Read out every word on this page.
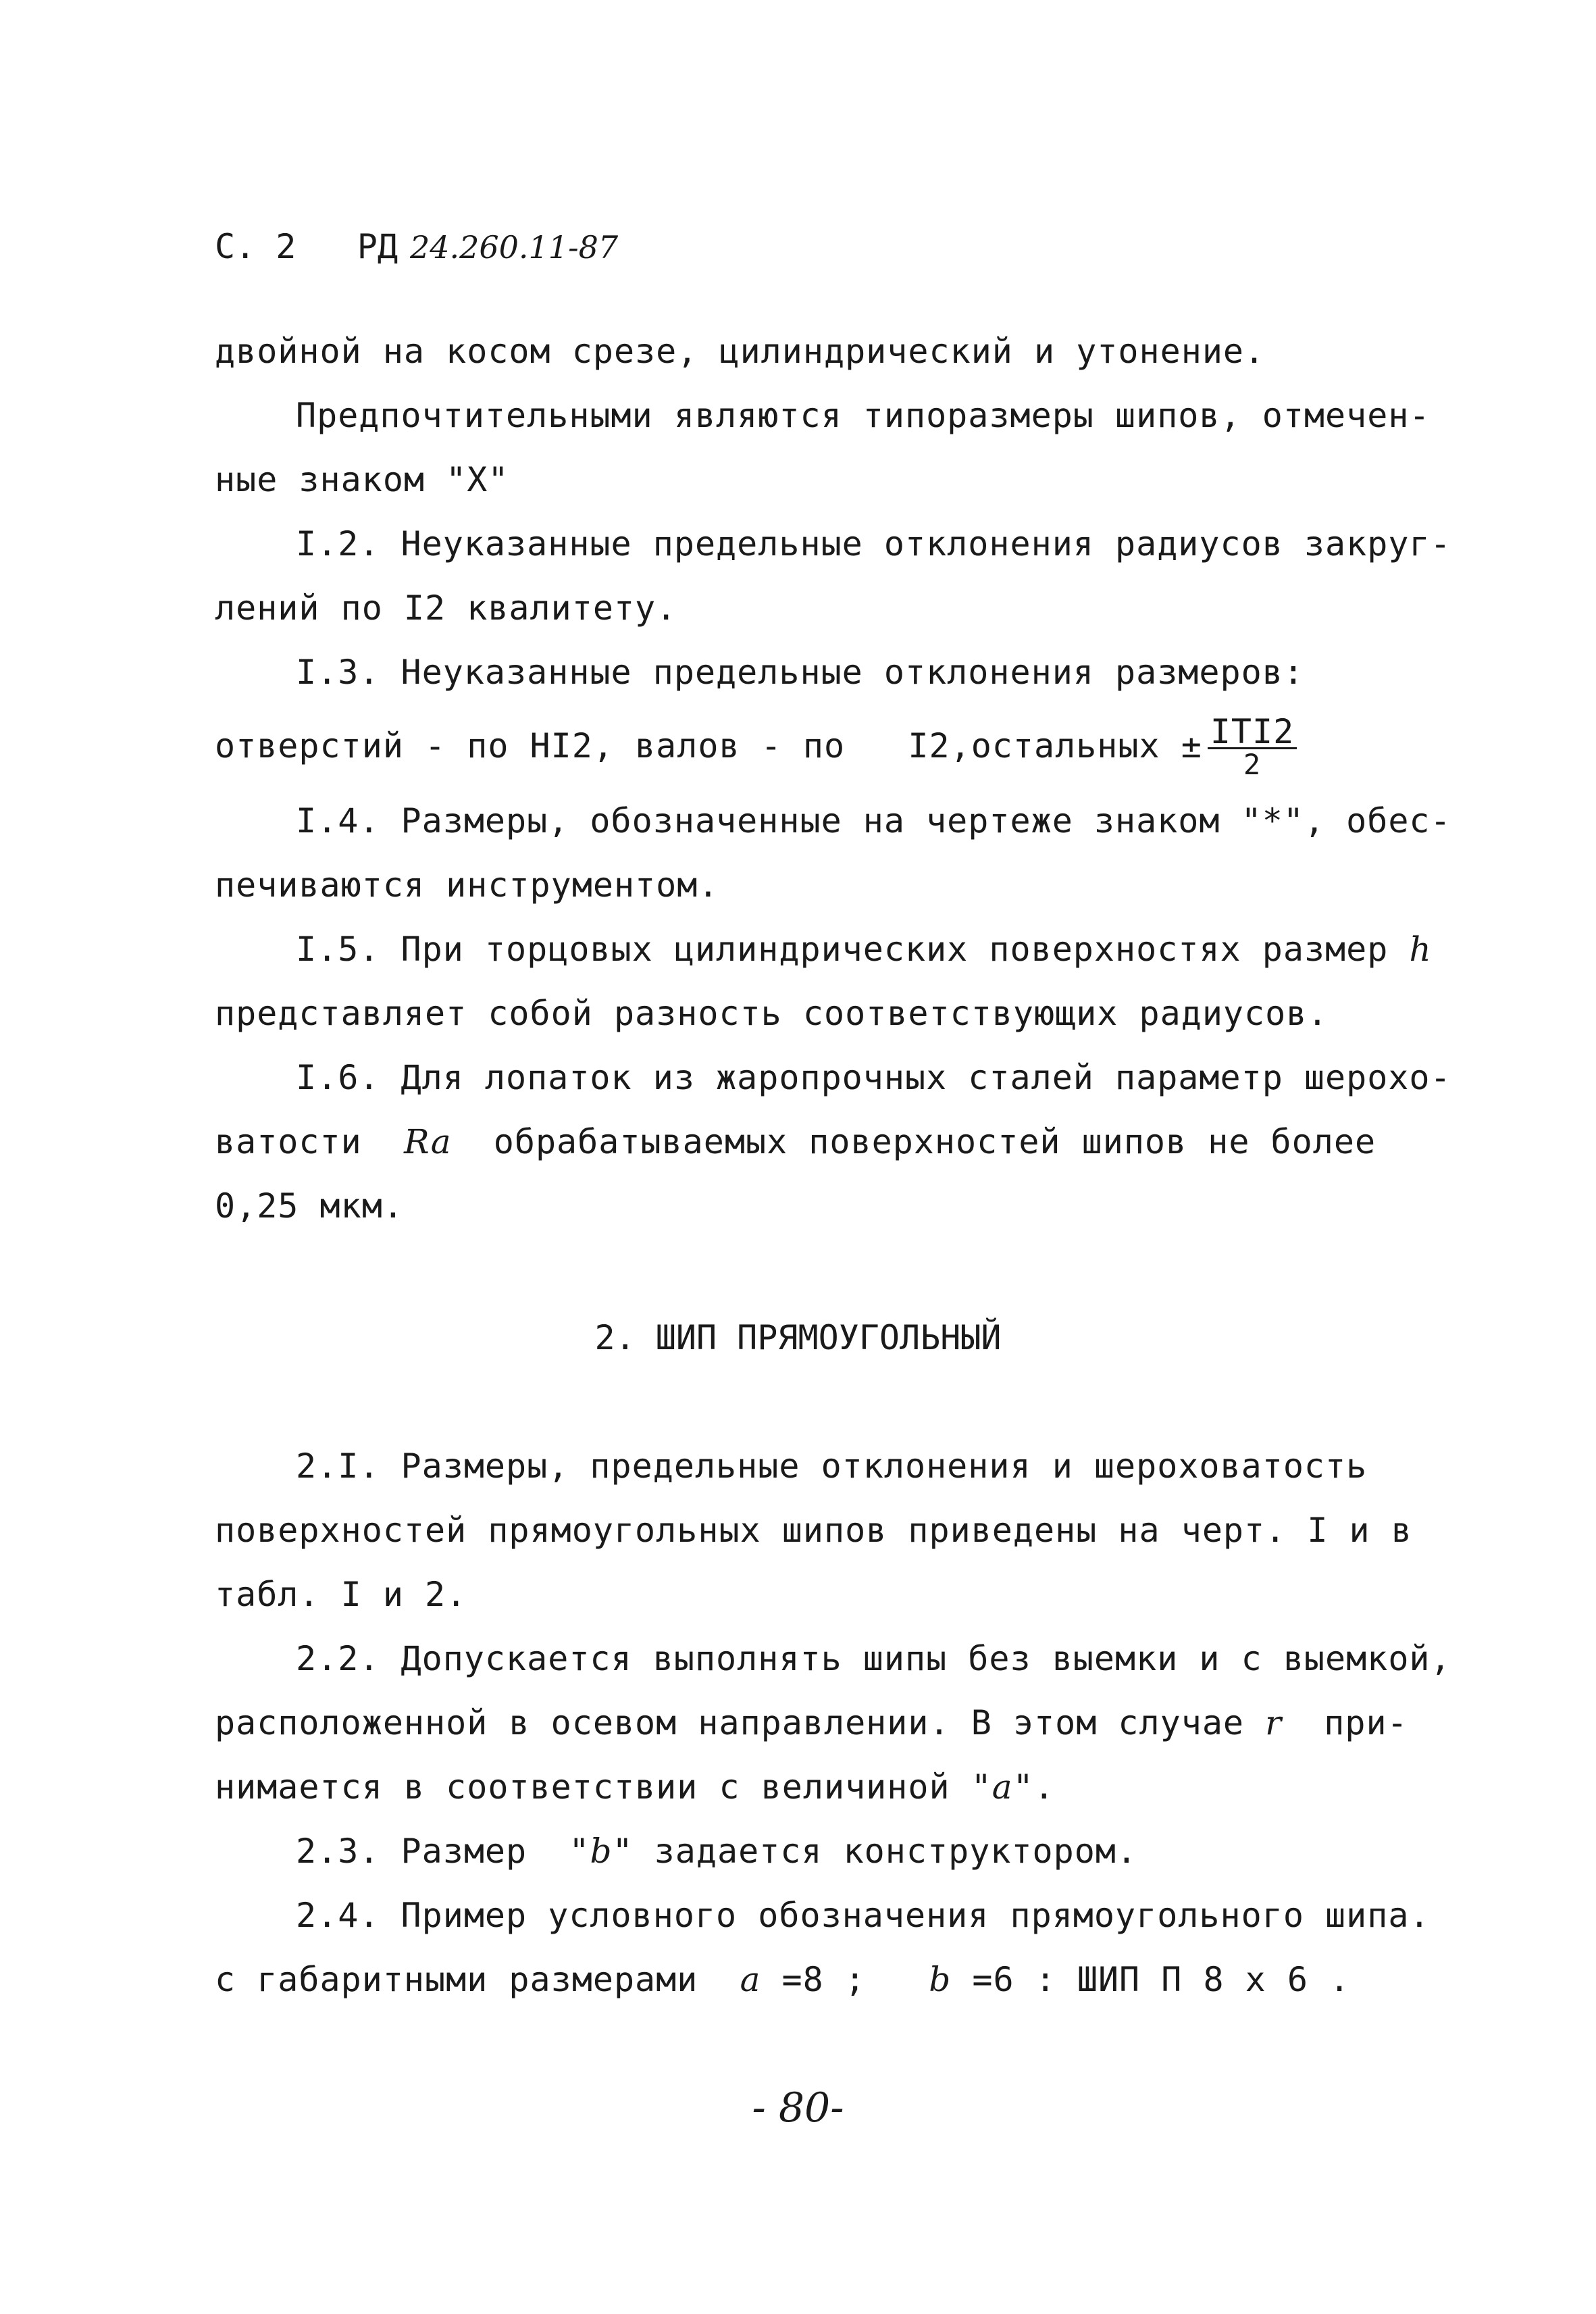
С. 2 РД 24.260.11-87
двойной на косом срезе, цилиндрический и утонение.
Предпочтительными являются типоразмеры шипов, отмечен-
ные знаком "X"
I.2. Неуказанные предельные отклонения радиусов закруг-
лений по I2 квалитету.
I.3. Неуказанные предельные отклонения размеров:
отверстий - по HI2, валов - по   I2,остальных ± $\frac{\text{IТI2}}{2}$
I.4. Размеры, обозначенные на чертеже знаком "*", обес-
печиваются инструментом.
I.5. При торцовых цилиндрических поверхностях размер h
представляет собой разность соответствующих радиусов.
I.6. Для лопаток из жаропрочных сталей параметр шерохо-
ватости  Ra  обрабатываемых поверхностей шипов не более
0,25 мкм.
2. ШИП ПРЯМОУГОЛЬНЫЙ
2.I. Размеры, предельные отклонения и шероховатость
поверхностей прямоугольных шипов приведены на черт. I и в
табл. I и 2.
2.2. Допускается выполнять шипы без выемки и с выемкой,
расположенной в осевом направлении. В этом случае r  при-
нимается в соответствии с величиной "a".
2.3. Размер  "b" задается конструктором.
2.4. Пример условного обозначения прямоугольного шипа.
с габаритными размерами  a =8 ;   b =6 : ШИП П 8 x 6 .
- 80-
